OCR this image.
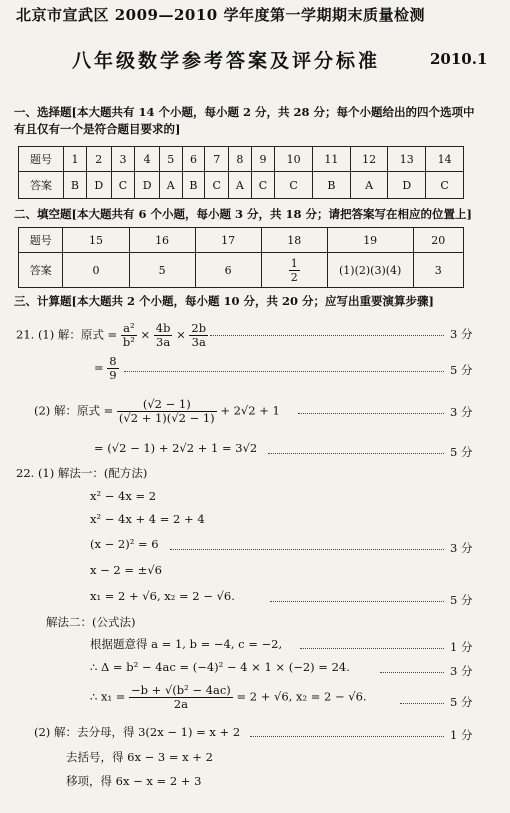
北京市宣武区 2009—2010 学年度第一学期期末质量检测
八年级数学参考答案及评分标准	2010.1
一、选择题[本大题共有 14 个小题，每小题 2 分，共 28 分；每个小题给出的四个选项中有且仅有一个是符合题目要求的]
题号	1	2	3	4	5	6	7	8	9	10	11	12	13	14
答案	B	D	C	D	A	B	C	A	C	C	B	A	D	C
二、填空题[本大题共有 6 个小题，每小题 3 分，共 18 分；请把答案写在相应的位置上]
题号	15	16	17	18	19	20
答案	0	5	6	$\frac{1}{2}$	(1)(2)(3)(4)	3
三、计算题[本大题共 2 个小题，每小题 10 分，共 20 分；应写出重要演算步骤]
21. (1) 解：原式 = $\frac{\text{a²}}{\text{b²}} \times \frac{4b}{3a} \times \frac{2b}{3a}$	3 分
= $\frac{8}{9}$	5 分
(2) 解：原式 = $\frac{(√2 - 1)}{(√2 + 1)(√2 - 1)} + 2√2 + 1$	3 分
= (√2 − 1) + 2√2 + 1 = 3√2	5 分
22. (1) 解法一：(配方法)
x² − 4x = 2
x² − 4x + 4 = 2 + 4
(x − 2)² = 6	3 分
x − 2 = ±√6
x₁ = 2 + √6, x₂ = 2 − √6.	5 分
解法二：(公式法)
根据题意得 a = 1, b = −4, c = −2,	1 分
∴ Δ = b² − 4ac = (−4)² − 4 × 1 × (−2) = 24.	3 分
∴ $x_1 = \frac{\text{−b + √(b² − 4ac)}}{2a} = 2 + √6$, x₂ = 2 − √6.	5 分
(2) 解：去分母，得 3(2x − 1) = x + 2	1 分
去括号，得 6x − 3 = x + 2
移项，得 6x − x = 2 + 3
